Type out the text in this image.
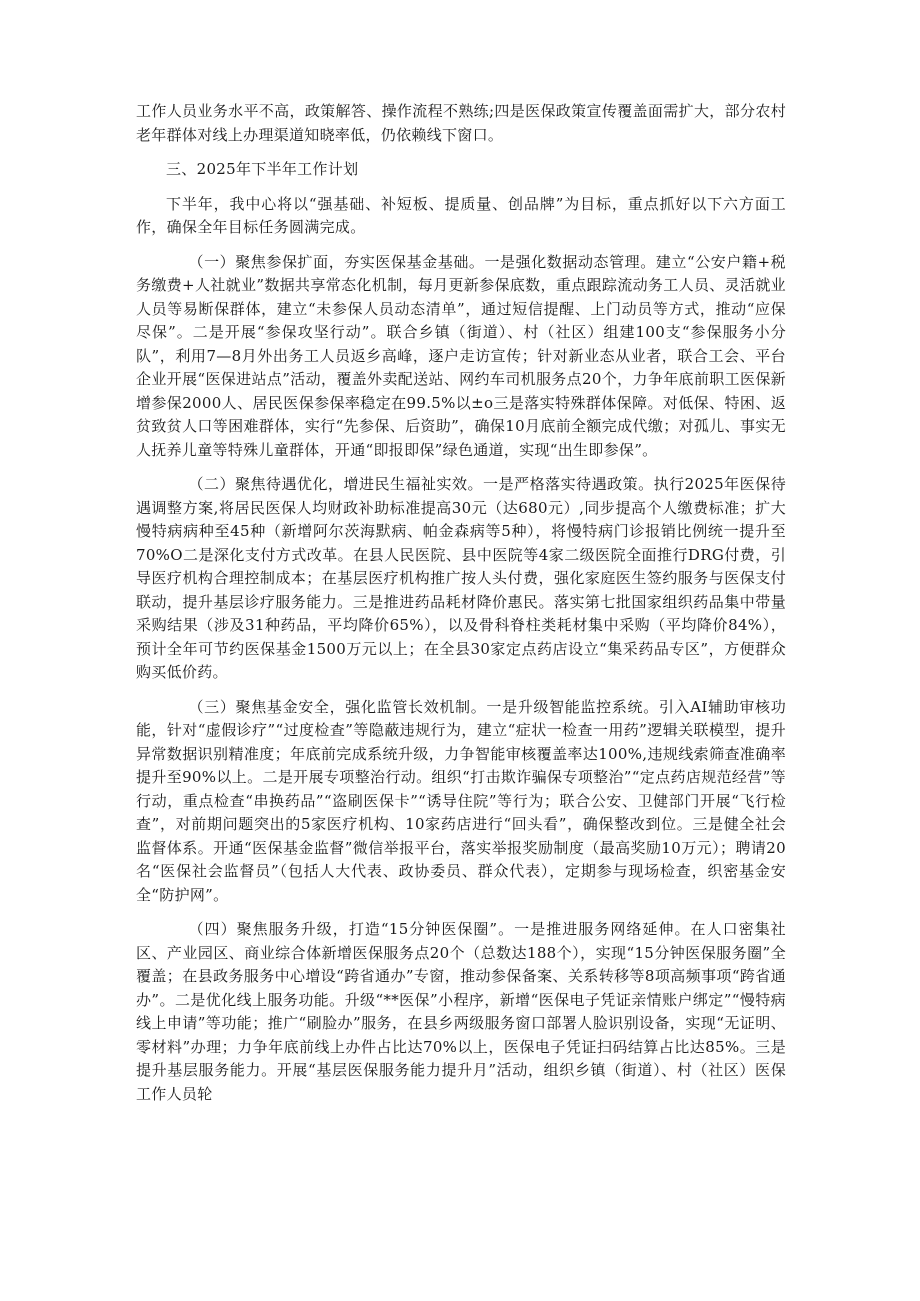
工作人员业务水平不高，政策解答、操作流程不熟练;四是医保政策宣传覆盖面需扩大，部分农村老年群体对线上办理渠道知晓率低，仍依赖线下窗口。

三、2025年下半年工作计划

下半年，我中心将以“强基础、补短板、提质量、创品牌”为目标，重点抓好以下六方面工作，确保全年目标任务圆满完成。

（一）聚焦参保扩面，夯实医保基金基础。一是强化数据动态管理。建立“公安户籍+税务缴费+人社就业”数据共享常态化机制，每月更新参保底数，重点跟踪流动务工人员、灵活就业人员等易断保群体，建立“未参保人员动态清单”，通过短信提醒、上门动员等方式，推动“应保尽保”。二是开展“参保攻坚行动”。联合乡镇（街道）、村（社区）组建100支“参保服务小分队”，利用7—8月外出务工人员返乡高峰，逐户走访宣传；针对新业态从业者，联合工会、平台企业开展“医保进站点”活动，覆盖外卖配送站、网约车司机服务点20个，力争年底前职工医保新增参保2000人、居民医保参保率稳定在99.5%以±o三是落实特殊群体保障。对低保、特困、返贫致贫人口等困难群体，实行“先参保、后资助”，确保10月底前全额完成代缴；对孤儿、事实无人抚养儿童等特殊儿童群体，开通“即报即保”绿色通道，实现“出生即参保”。

（二）聚焦待遇优化，增进民生福祉实效。一是严格落实待遇政策。执行2025年医保待遇调整方案,将居民医保人均财政补助标准提高30元（达680元）,同步提高个人缴费标准；扩大慢特病病种至45种（新增阿尔茨海默病、帕金森病等5种），将慢特病门诊报销比例统一提升至70%O二是深化支付方式改革。在县人民医院、县中医院等4家二级医院全面推行DRG付费，引导医疗机构合理控制成本；在基层医疗机构推广按人头付费，强化家庭医生签约服务与医保支付联动，提升基层诊疗服务能力。三是推进药品耗材降价惠民。落实第七批国家组织药品集中带量采购结果（涉及31种药品，平均降价65%），以及骨科脊柱类耗材集中采购（平均降价84%），预计全年可节约医保基金1500万元以上；在全县30家定点药店设立“集采药品专区”，方便群众购买低价药。

（三）聚焦基金安全，强化监管长效机制。一是升级智能监控系统。引入AI辅助审核功能，针对“虚假诊疗”“过度检查”等隐蔽违规行为，建立“症状一检查一用药”逻辑关联模型，提升异常数据识别精准度；年底前完成系统升级，力争智能审核覆盖率达100%,违规线索筛查准确率提升至90%以上。二是开展专项整治行动。组织“打击欺诈骗保专项整治”“定点药店规范经营”等行动，重点检查“串换药品”“盗刷医保卡”“诱导住院”等行为；联合公安、卫健部门开展“飞行检查”，对前期问题突出的5家医疗机构、10家药店进行“回头看”，确保整改到位。三是健全社会监督体系。开通“医保基金监督”微信举报平台，落实举报奖励制度（最高奖励10万元）；聘请20名“医保社会监督员”（包括人大代表、政协委员、群众代表），定期参与现场检查，织密基金安全“防护网”。

（四）聚焦服务升级，打造“15分钟医保圈”。一是推进服务网络延伸。在人口密集社区、产业园区、商业综合体新增医保服务点20个（总数达188个），实现“15分钟医保服务圈”全覆盖；在县政务服务中心增设“跨省通办”专窗，推动参保备案、关系转移等8项高频事项“跨省通办”。二是优化线上服务功能。升级“**医保”小程序，新增“医保电子凭证亲情账户绑定”“慢特病线上申请”等功能；推广“刷脸办”服务，在县乡两级服务窗口部署人脸识别设备，实现“无证明、零材料”办理；力争年底前线上办件占比达70%以上，医保电子凭证扫码结算占比达85%。三是提升基层服务能力。开展“基层医保服务能力提升月”活动，组织乡镇（街道）、村（社区）医保工作人员轮
